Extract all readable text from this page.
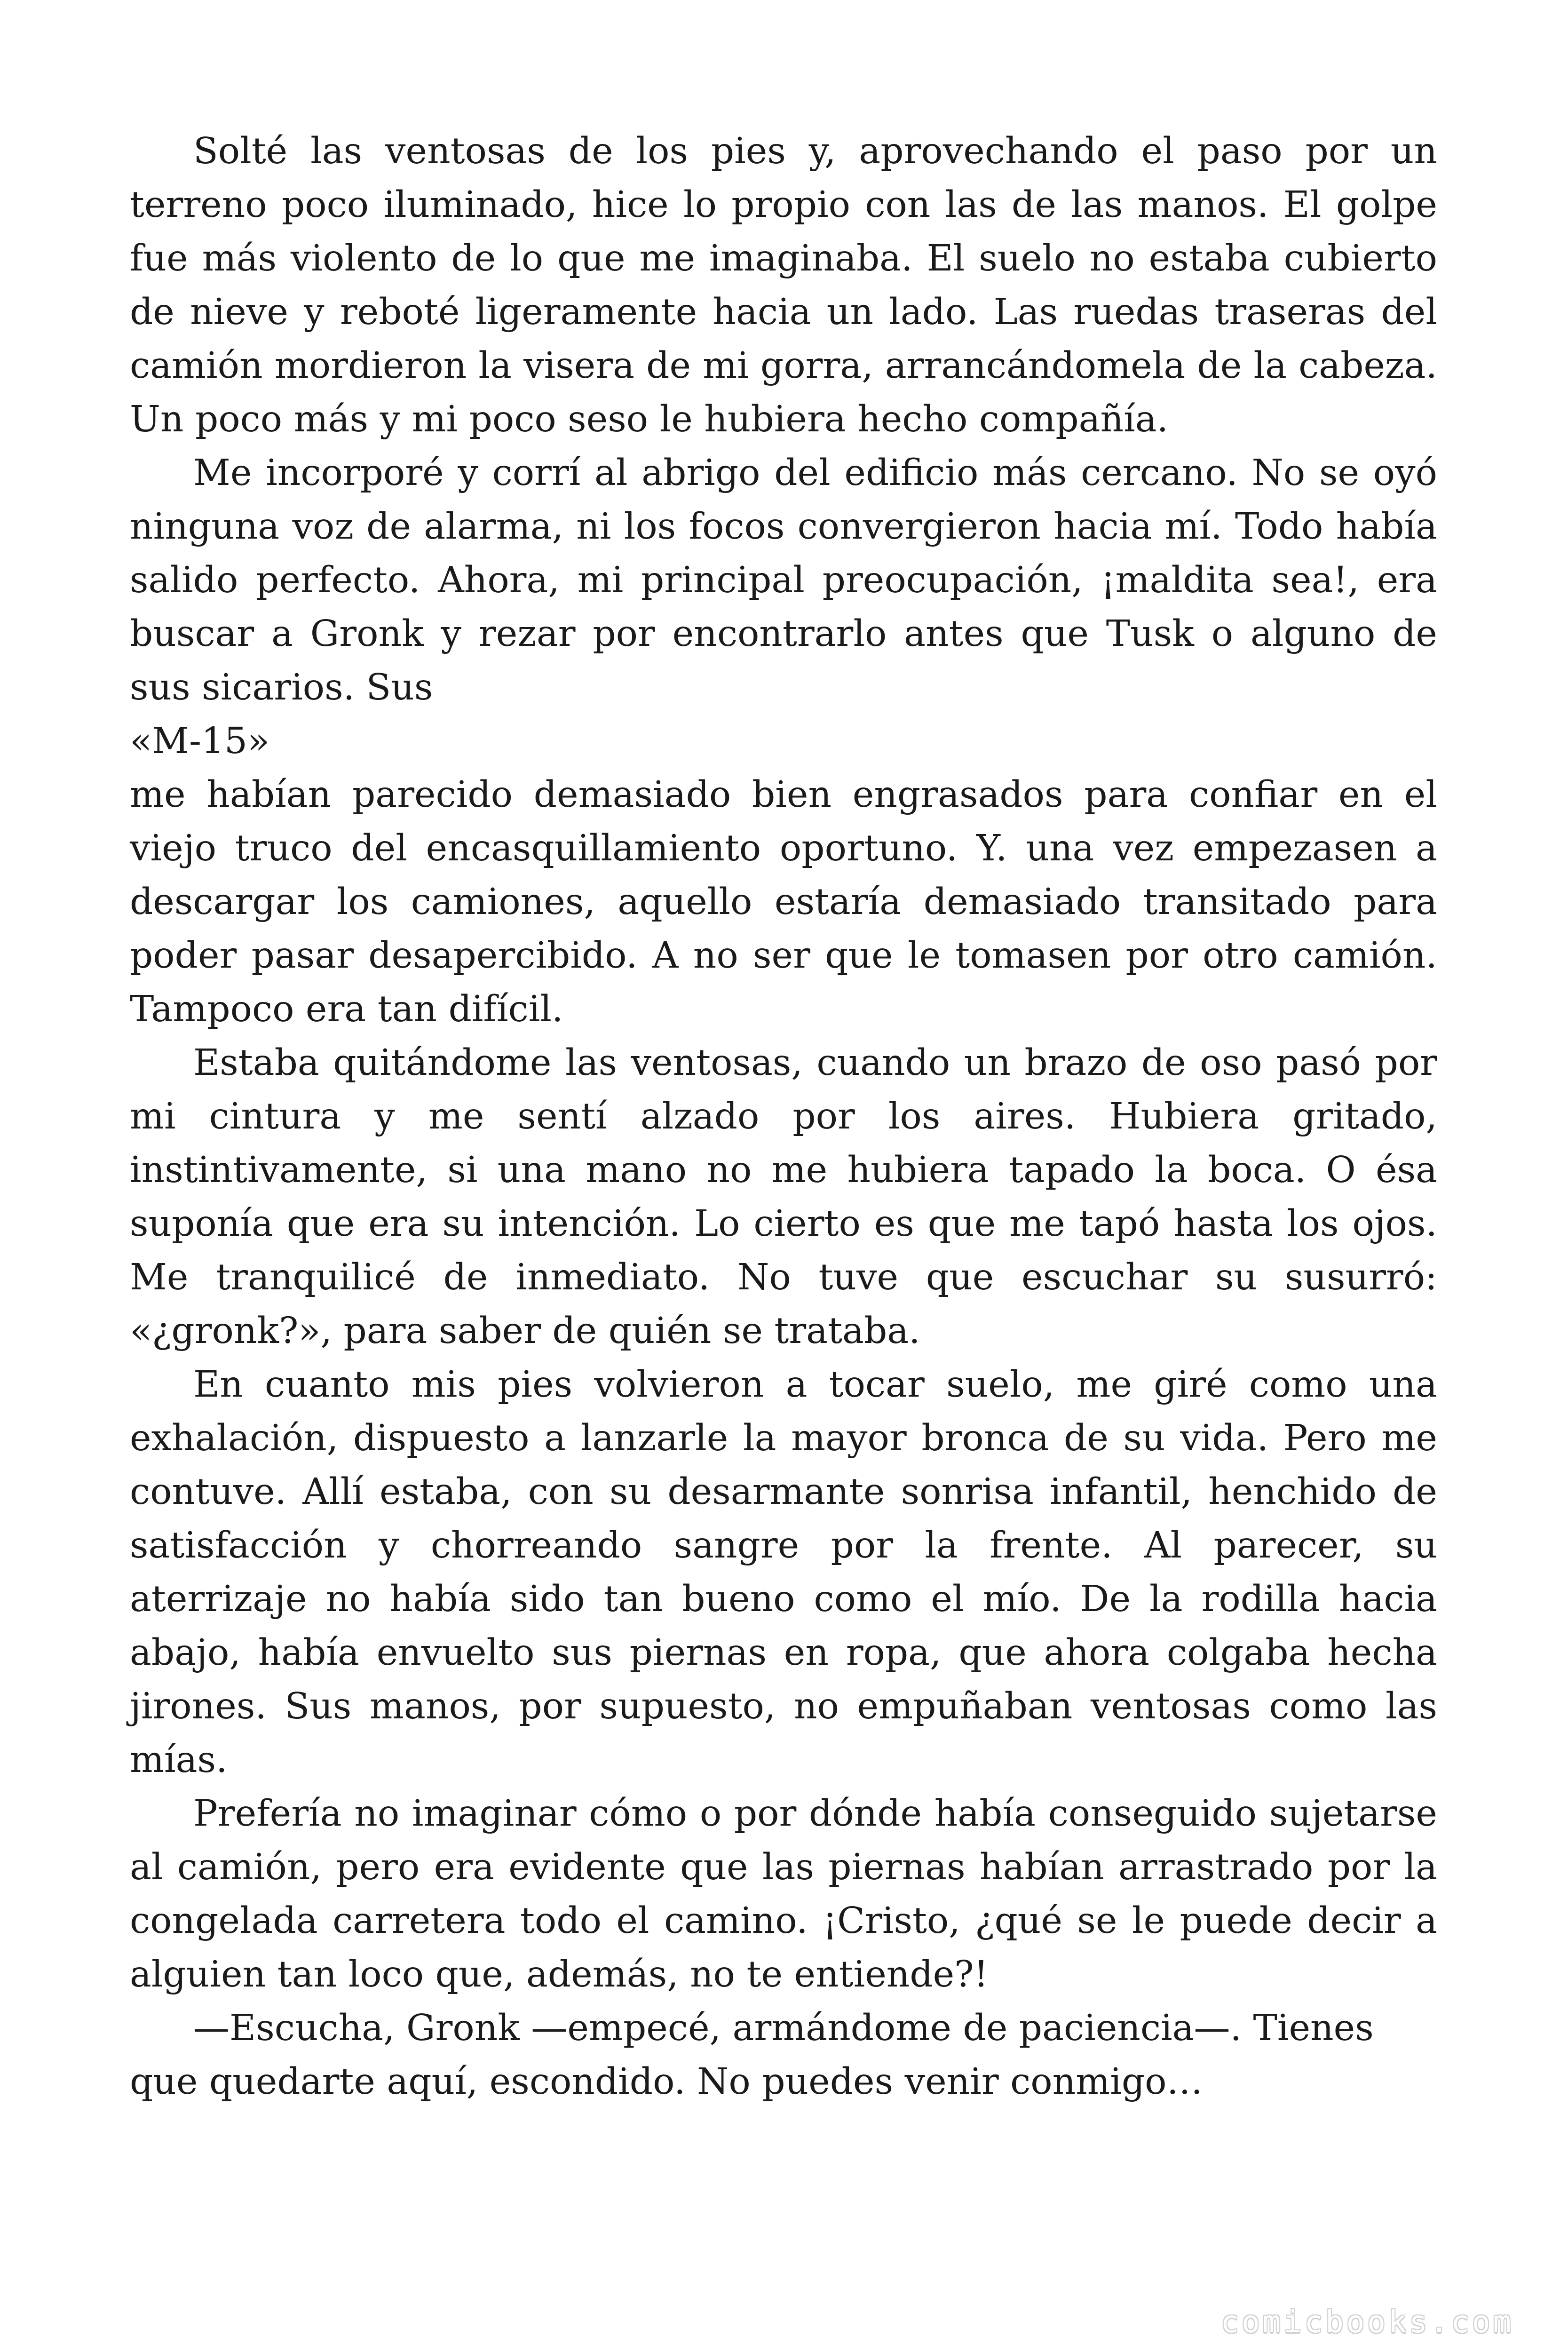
Solté las ventosas de los pies y, aprovechando el paso por un terreno poco iluminado, hice lo propio con las de las manos. El golpe fue más violento de lo que me imaginaba. El suelo no estaba cubierto de nieve y reboté ligeramente hacia un lado. Las ruedas traseras del camión mordieron la visera de mi gorra, arrancándomela de la cabeza. Un poco más y mi poco seso le hubiera hecho compañía.

Me incorporé y corrí al abrigo del edificio más cercano. No se oyó ninguna voz de alarma, ni los focos convergieron hacia mí. Todo había salido perfecto. Ahora, mi principal preocupación, ¡maldita sea!, era buscar a Gronk y rezar por encontrarlo antes que Tusk o alguno de sus sicarios. Sus

«M-15»

me habían parecido demasiado bien engrasados para confiar en el viejo truco del encasquillamiento oportuno. Y. una vez empezasen a descargar los camiones, aquello estaría demasiado transitado para poder pasar desapercibido. A no ser que le tomasen por otro camión. Tampoco era tan difícil.

Estaba quitándome las ventosas, cuando un brazo de oso pasó por mi cintura y me sentí alzado por los aires. Hubiera gritado, instintivamente, si una mano no me hubiera tapado la boca. O ésa suponía que era su intención. Lo cierto es que me tapó hasta los ojos. Me tranquilicé de inmediato. No tuve que escuchar su susurró: «¿gronk?», para saber de quién se trataba.

En cuanto mis pies volvieron a tocar suelo, me giré como una exhalación, dispuesto a lanzarle la mayor bronca de su vida. Pero me contuve. Allí estaba, con su desarmante sonrisa infantil, henchido de satisfacción y chorreando sangre por la frente. Al parecer, su aterrizaje no había sido tan bueno como el mío. De la rodilla hacia abajo, había envuelto sus piernas en ropa, que ahora colgaba hecha jirones. Sus manos, por supuesto, no empuñaban ventosas como las mías.

Prefería no imaginar cómo o por dónde había conseguido sujetarse al camión, pero era evidente que las piernas habían arrastrado por la congelada carretera todo el camino. ¡Cristo, ¿qué se le puede decir a alguien tan loco que, además, no te entiende?!

—Escucha, Gronk —empecé, armándome de paciencia—. Tienes que quedarte aquí, escondido. No puedes venir conmigo…

comicbooks.com
